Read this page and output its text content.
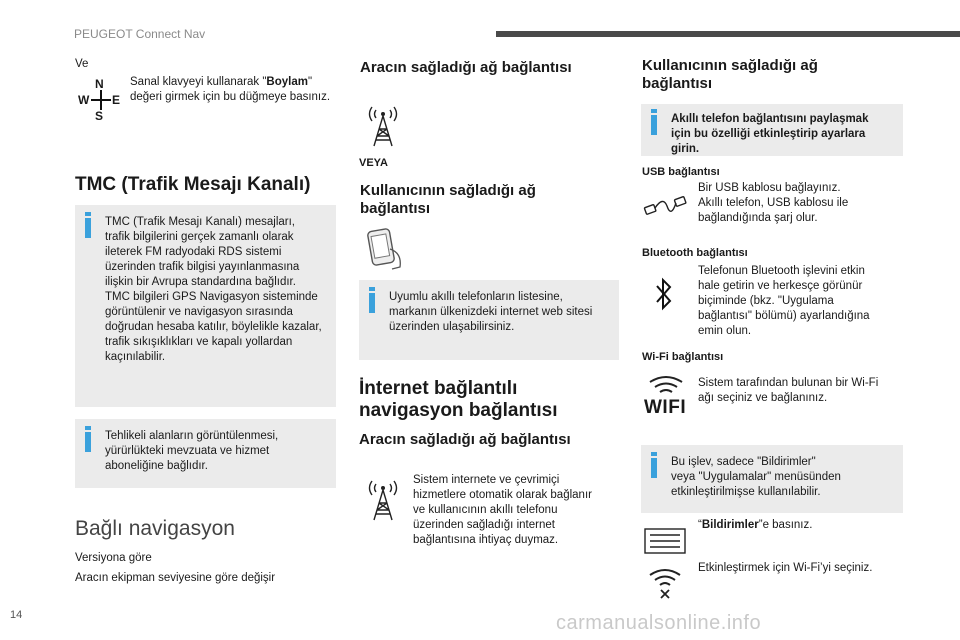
PEUGEOT Connect Nav
Ve
N
W E
S
Sanal klavyeyi kullanarak "Boylam" değeri girmek için bu düğmeye basınız.
TMC (Trafik Mesajı Kanalı)
TMC (Trafik Mesajı Kanalı) mesajları,
trafik bilgilerini gerçek zamanlı olarak
ileterek FM radyodaki RDS sistemi
üzerinden trafik bilgisi yayınlanmasına
ilişkin bir Avrupa standardına bağlıdır.
TMC bilgileri GPS Navigasyon sisteminde
görüntülenir ve navigasyon sırasında
doğrudan hesaba katılır, böylelikle kazalar,
trafik sıkışıklıkları ve kapalı yollardan
kaçınılabilir.
Tehlikeli alanların görüntülenmesi,
yürürlükteki mevzuata ve hizmet
aboneliğine bağlıdır.
Bağlı navigasyon
Versiyona göre
Aracın ekipman seviyesine göre değişir
Aracın sağladığı ağ bağlantısı
VEYA
Kullanıcının sağladığı ağ bağlantısı
Uyumlu akıllı telefonların listesine,
markanın ülkenizdeki internet web sitesi
üzerinden ulaşabilirsiniz.
İnternet bağlantılı navigasyon bağlantısı
Aracın sağladığı ağ bağlantısı
Sistem internete ve çevrimiçi
hizmetlere otomatik olarak bağlanır
ve kullanıcının akıllı telefonu
üzerinden sağladığı internet
bağlantısına ihtiyaç duymaz.
Kullanıcının sağladığı ağ bağlantısı
Akıllı telefon bağlantısını paylaşmak
için bu özelliği etkinleştirip ayarlara
girin.
USB bağlantısı
Bir USB kablosu bağlayınız.
Akıllı telefon, USB kablosu ile
bağlandığında şarj olur.
Bluetooth bağlantısı
Telefonun Bluetooth işlevini etkin
hale getirin ve herkesçe görünür
biçiminde (bkz. "Uygulama
bağlantısı" bölümü) ayarlandığına
emin olun.
Wi-Fi bağlantısı
WIFI
Sistem tarafından bulunan bir Wi-Fi
ağı seçiniz ve bağlanınız.
Bu işlev, sadece "Bildirimler"
veya "Uygulamalar" menüsünden
etkinleştirilmişse kullanılabilir.
“Bildirimler”e basınız.
Etkinleştirmek için Wi-Fi’yi seçiniz.
14	carmanualsonline.info
